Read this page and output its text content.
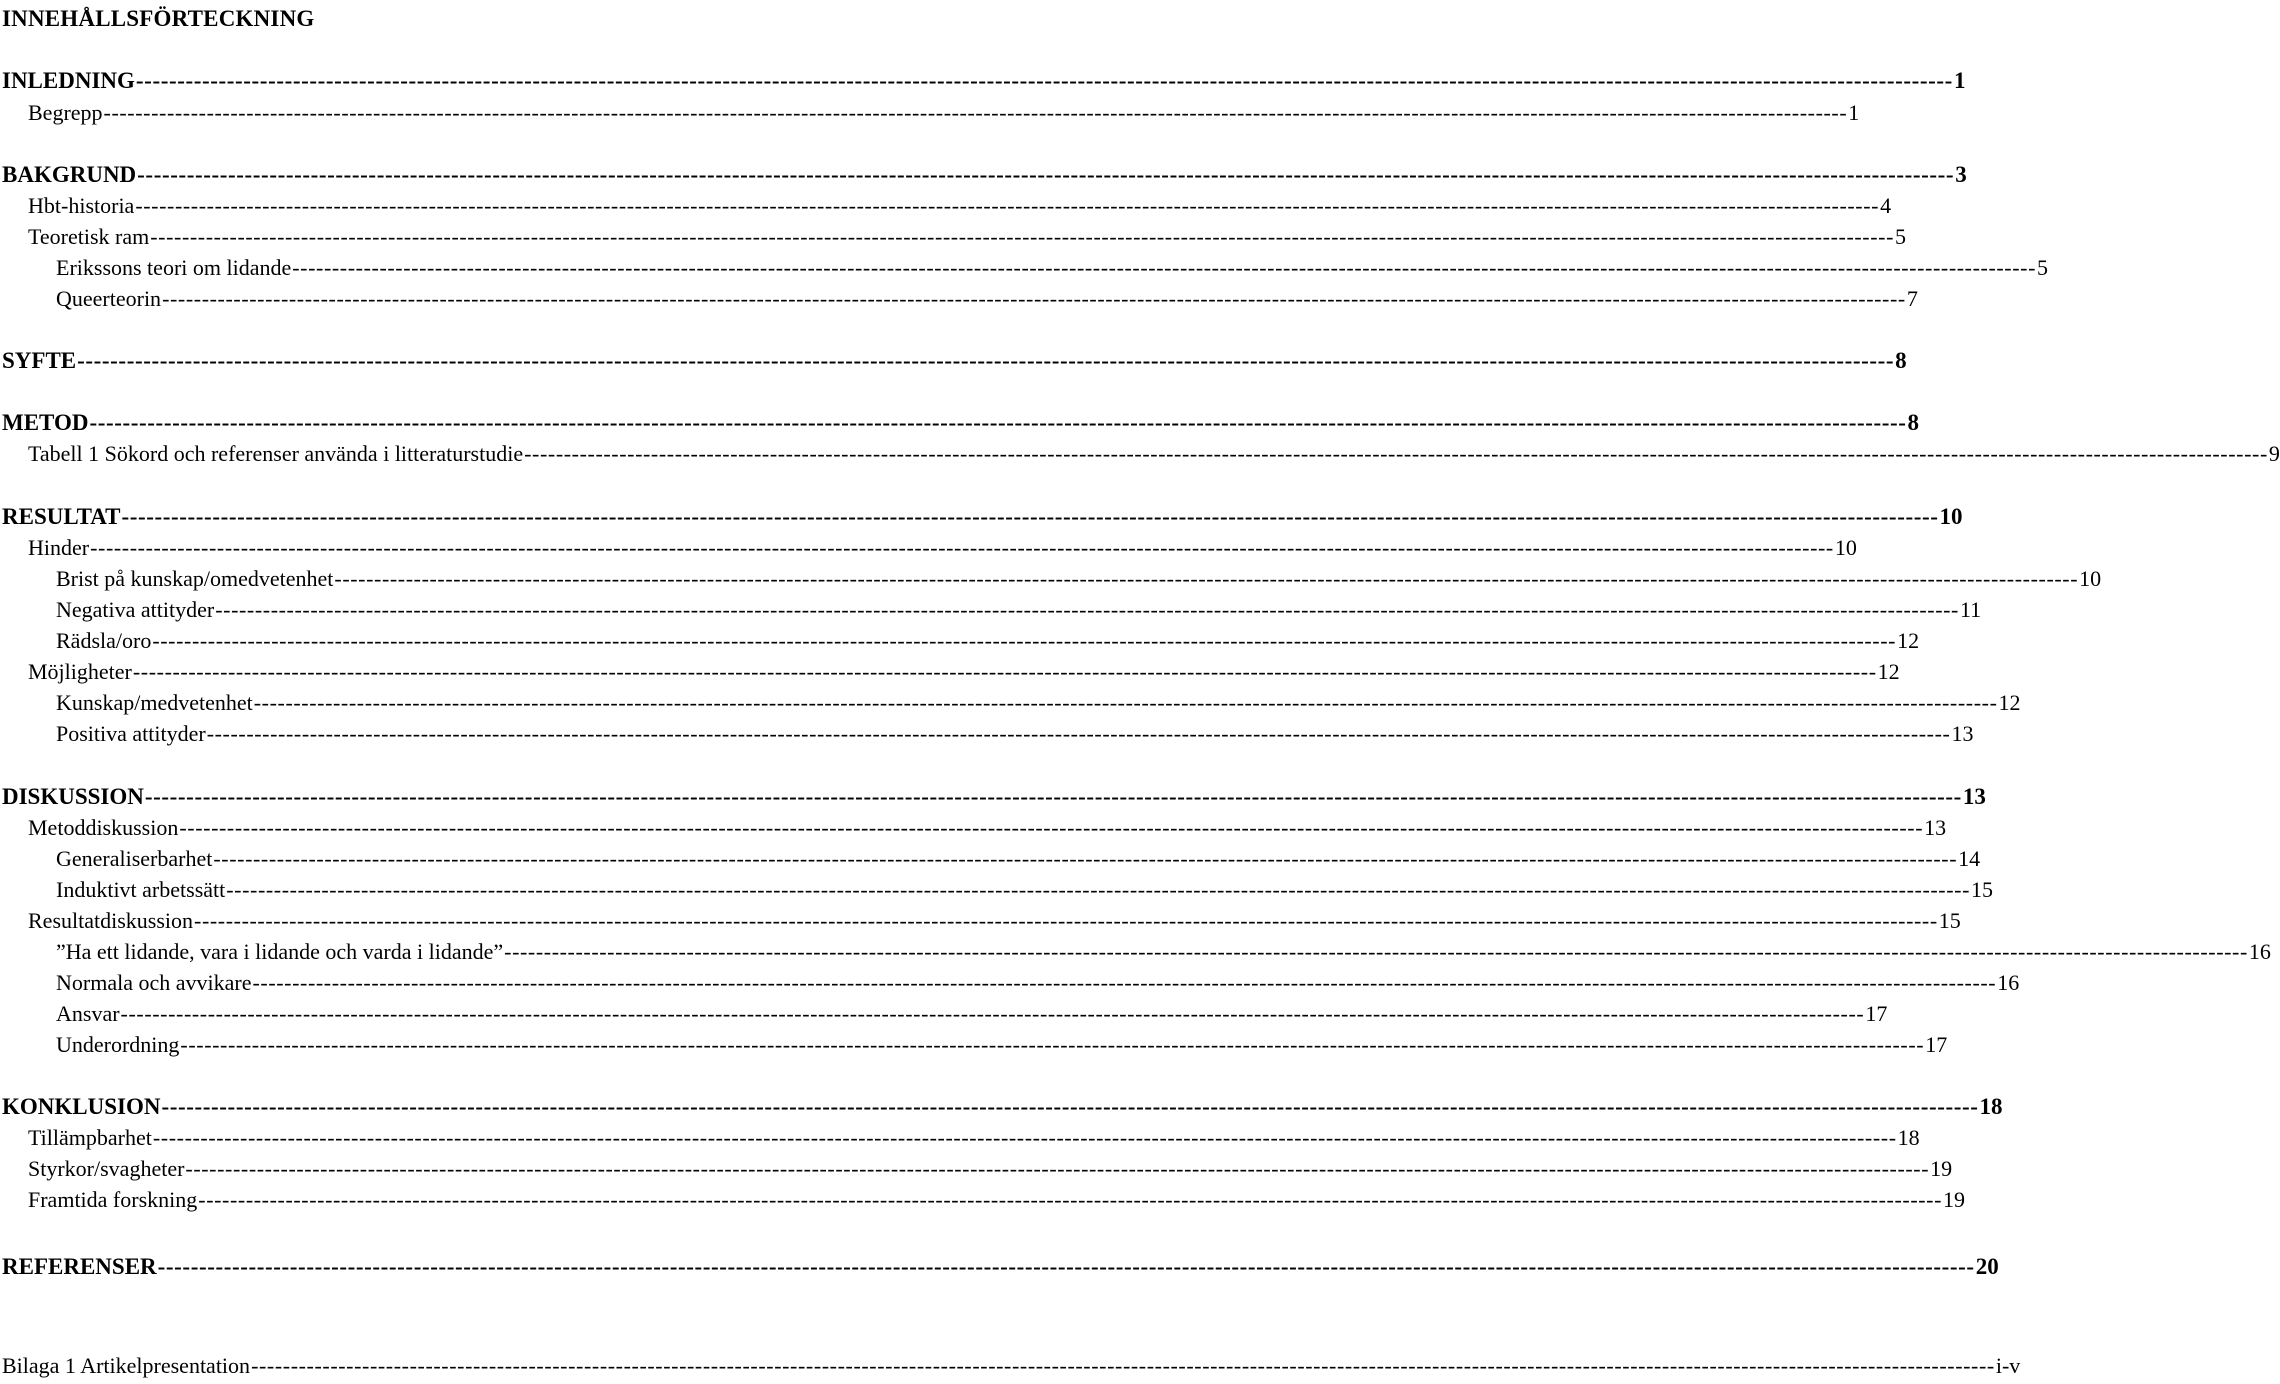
INNEHÅLLSFÖRTECKNING
INLEDNING ---------------------------------------------------------------------------------------------------------------------------------------------------------------------------------------------------------------------------- 1
Begrepp ---------------------------------------------------------------------------------------------------------------------------------------------------------------------------------------------------------------------------- 1
BAKGRUND ---------------------------------------------------------------------------------------------------------------------------------------------------------------------------------------------------------------------------- 3
Hbt-historia ---------------------------------------------------------------------------------------------------------------------------------------------------------------------------------------------------------------------------- 4
Teoretisk ram ---------------------------------------------------------------------------------------------------------------------------------------------------------------------------------------------------------------------------- 5
Erikssons teori om lidande ---------------------------------------------------------------------------------------------------------------------------------------------------------------------------------------------------------------------------- 5
Queerteorin ---------------------------------------------------------------------------------------------------------------------------------------------------------------------------------------------------------------------------- 7
SYFTE ---------------------------------------------------------------------------------------------------------------------------------------------------------------------------------------------------------------------------- 8
METOD ---------------------------------------------------------------------------------------------------------------------------------------------------------------------------------------------------------------------------- 8
Tabell 1 Sökord och referenser använda i litteraturstudie ---------------------------------------------------------------------------------------------------------------------------------------------------------------------------------------------------------------------------- 9
RESULTAT ---------------------------------------------------------------------------------------------------------------------------------------------------------------------------------------------------------------------------- 10
Hinder ---------------------------------------------------------------------------------------------------------------------------------------------------------------------------------------------------------------------------- 10
Brist på kunskap/omedvetenhet ---------------------------------------------------------------------------------------------------------------------------------------------------------------------------------------------------------------------------- 10
Negativa attityder ---------------------------------------------------------------------------------------------------------------------------------------------------------------------------------------------------------------------------- 11
Rädsla/oro ---------------------------------------------------------------------------------------------------------------------------------------------------------------------------------------------------------------------------- 12
Möjligheter ---------------------------------------------------------------------------------------------------------------------------------------------------------------------------------------------------------------------------- 12
Kunskap/medvetenhet ---------------------------------------------------------------------------------------------------------------------------------------------------------------------------------------------------------------------------- 12
Positiva attityder ---------------------------------------------------------------------------------------------------------------------------------------------------------------------------------------------------------------------------- 13
DISKUSSION ---------------------------------------------------------------------------------------------------------------------------------------------------------------------------------------------------------------------------- 13
Metoddiskussion ---------------------------------------------------------------------------------------------------------------------------------------------------------------------------------------------------------------------------- 13
Generaliserbarhet ---------------------------------------------------------------------------------------------------------------------------------------------------------------------------------------------------------------------------- 14
Induktivt arbetssätt ---------------------------------------------------------------------------------------------------------------------------------------------------------------------------------------------------------------------------- 15
Resultatdiskussion ---------------------------------------------------------------------------------------------------------------------------------------------------------------------------------------------------------------------------- 15
”Ha ett lidande, vara i lidande och varda i lidande” ---------------------------------------------------------------------------------------------------------------------------------------------------------------------------------------------------------------------------- 16
Normala och avvikare ---------------------------------------------------------------------------------------------------------------------------------------------------------------------------------------------------------------------------- 16
Ansvar ---------------------------------------------------------------------------------------------------------------------------------------------------------------------------------------------------------------------------- 17
Underordning ---------------------------------------------------------------------------------------------------------------------------------------------------------------------------------------------------------------------------- 17
KONKLUSION ---------------------------------------------------------------------------------------------------------------------------------------------------------------------------------------------------------------------------- 18
Tillämpbarhet ---------------------------------------------------------------------------------------------------------------------------------------------------------------------------------------------------------------------------- 18
Styrkor/svagheter ---------------------------------------------------------------------------------------------------------------------------------------------------------------------------------------------------------------------------- 19
Framtida forskning ---------------------------------------------------------------------------------------------------------------------------------------------------------------------------------------------------------------------------- 19
REFERENSER ---------------------------------------------------------------------------------------------------------------------------------------------------------------------------------------------------------------------------- 20
Bilaga 1 Artikelpresentation ---------------------------------------------------------------------------------------------------------------------------------------------------------------------------------------------------------------------------- i-v
